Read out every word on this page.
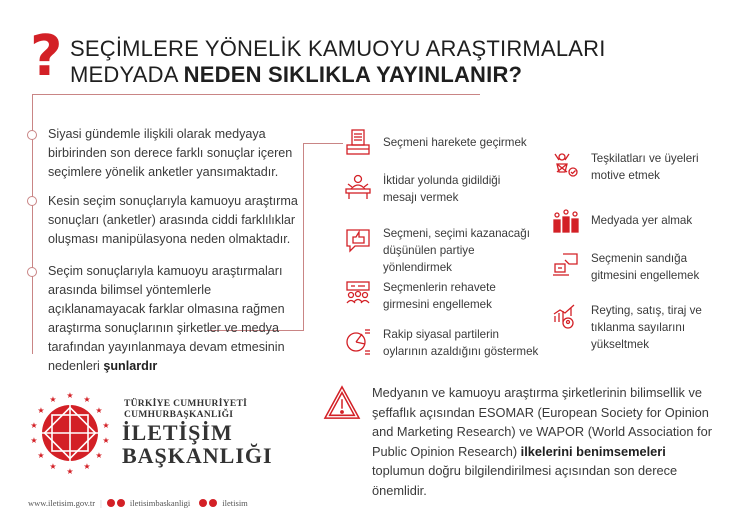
? SEÇİMLERE YÖNELİK KAMUOYU ARAŞTIRMALARI
MEDYADA NEDEN SIKLIKLA YAYINLANIR?
Siyasi gündemle ilişkili olarak medyaya birbirinden son derece farklı sonuçlar içeren seçimlere yönelik anketler yansımaktadır.
Kesin seçim sonuçlarıyla kamuoyu araştırma sonuçları (anketler) arasında ciddi farklılıklar oluşması manipülasyona neden olmaktadır.
Seçim sonuçlarıyla kamuoyu araştırmaları arasında bilimsel yöntemlerle açıklanamayacak farklar olmasına rağmen araştırma sonuçlarının şirketler ve medya tarafından yayınlanmaya devam etmesinin nedenleri şunlardır
Seçmeni harekete geçirmek
İktidar yolunda gidildiği mesajı vermek
Seçmeni, seçimi kazanacağı düşünülen partiye yönlendirmek
Seçmenlerin rehavete girmesini engellemek
Rakip siyasal partilerin oylarının azaldığını göstermek
Teşkilatları ve üyeleri motive etmek
Medyada yer almak
Seçmenin sandığa gitmesini engellemek
Reyting, satış, tiraj ve tıklanma sayılarını yükseltmek
Medyanın ve kamuoyu araştırma şirketlerinin bilimsellik ve şeffaflık açısından ESOMAR (European Society for Opinion and Marketing Research) ve WAPOR (World Association for Public Opinion Research) ilkelerini benimsemeleri toplumun doğru bilgilendirilmesi açısından son derece önemlidir.
★ ★
★
★
★
★
★
★
★
★
★
★
★
★	TÜRKİYE CUMHURİYETİ
CUMHURBAŞKANLIĞI
İLETİŞİM
BAŞKANLIĞI
www.iletisim.gov.tr |	iletisimbaskanligi	iletisim
